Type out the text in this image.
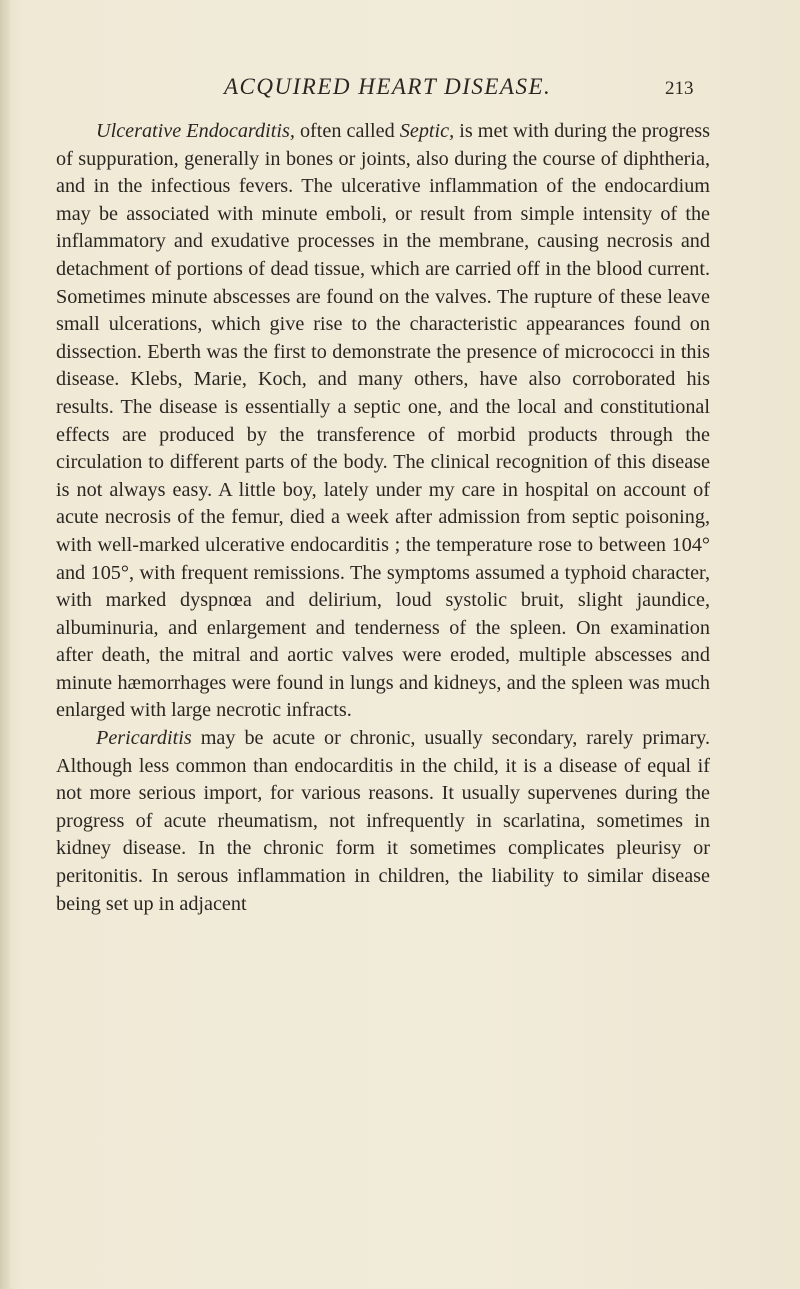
ACQUIRED HEART DISEASE.	213

Ulcerative Endocarditis, often called Septic, is met with during the progress of suppuration, generally in bones or joints, also during the course of diphtheria, and in the infectious fevers. The ulcerative inflammation of the endocardium may be associated with minute emboli, or result from simple intensity of the inflammatory and exudative processes in the membrane, causing necrosis and detachment of portions of dead tissue, which are carried off in the blood current. Sometimes minute abscesses are found on the valves. The rupture of these leave small ulcerations, which give rise to the characteristic appearances found on dissection. Eberth was the first to demonstrate the presence of micrococci in this disease. Klebs, Marie, Koch, and many others, have also corroborated his results. The disease is essentially a septic one, and the local and constitutional effects are produced by the transference of morbid products through the circulation to different parts of the body. The clinical recognition of this disease is not always easy. A little boy, lately under my care in hospital on account of acute necrosis of the femur, died a week after admission from septic poisoning, with well-marked ulcerative endocarditis ; the temperature rose to between 104° and 105°, with frequent remissions. The symptoms assumed a typhoid character, with marked dyspnœa and delirium, loud systolic bruit, slight jaundice, albuminuria, and enlargement and tenderness of the spleen. On examination after death, the mitral and aortic valves were eroded, multiple abscesses and minute hæmorrhages were found in lungs and kidneys, and the spleen was much enlarged with large necrotic infracts.

Pericarditis may be acute or chronic, usually secondary, rarely primary. Although less common than endocarditis in the child, it is a disease of equal if not more serious import, for various reasons. It usually supervenes during the progress of acute rheumatism, not infrequently in scarlatina, sometimes in kidney disease. In the chronic form it sometimes complicates pleurisy or peritonitis. In serous inflammation in children, the liability to similar disease being set up in adjacent
